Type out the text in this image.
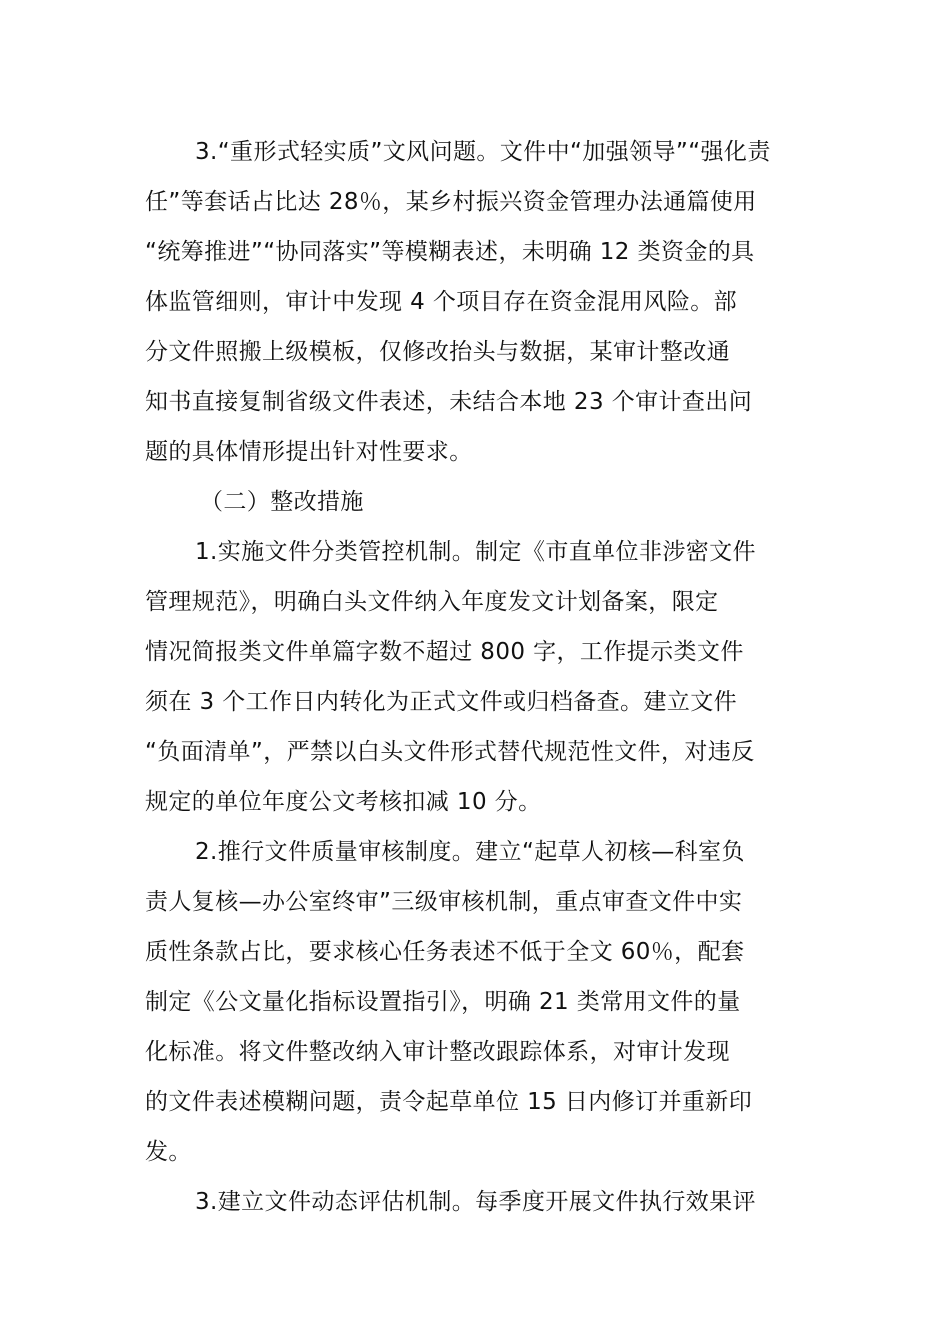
3.“重形式轻实质”文风问题。文件中“加强领导”“强化责
任”等套话占比达 28％，某乡村振兴资金管理办法通篇使用
“统筹推进”“协同落实”等模糊表述，未明确 12 类资金的具
体监管细则，审计中发现 4 个项目存在资金混用风险。部
分文件照搬上级模板，仅修改抬头与数据，某审计整改通
知书直接复制省级文件表述，未结合本地 23 个审计查出问
题的具体情形提出针对性要求。
（二）整改措施
1.实施文件分类管控机制。制定《市直单位非涉密文件
管理规范》，明确白头文件纳入年度发文计划备案，限定
情况简报类文件单篇字数不超过 800 字，工作提示类文件
须在 3 个工作日内转化为正式文件或归档备查。建立文件
“负面清单”，严禁以白头文件形式替代规范性文件，对违反
规定的单位年度公文考核扣减 10 分。
2.推行文件质量审核制度。建立“起草人初核—科室负
责人复核—办公室终审”三级审核机制，重点审查文件中实
质性条款占比，要求核心任务表述不低于全文 60％，配套
制定《公文量化指标设置指引》，明确 21 类常用文件的量
化标准。将文件整改纳入审计整改跟踪体系，对审计发现
的文件表述模糊问题，责令起草单位 15 日内修订并重新印
发。
3.建立文件动态评估机制。每季度开展文件执行效果评
